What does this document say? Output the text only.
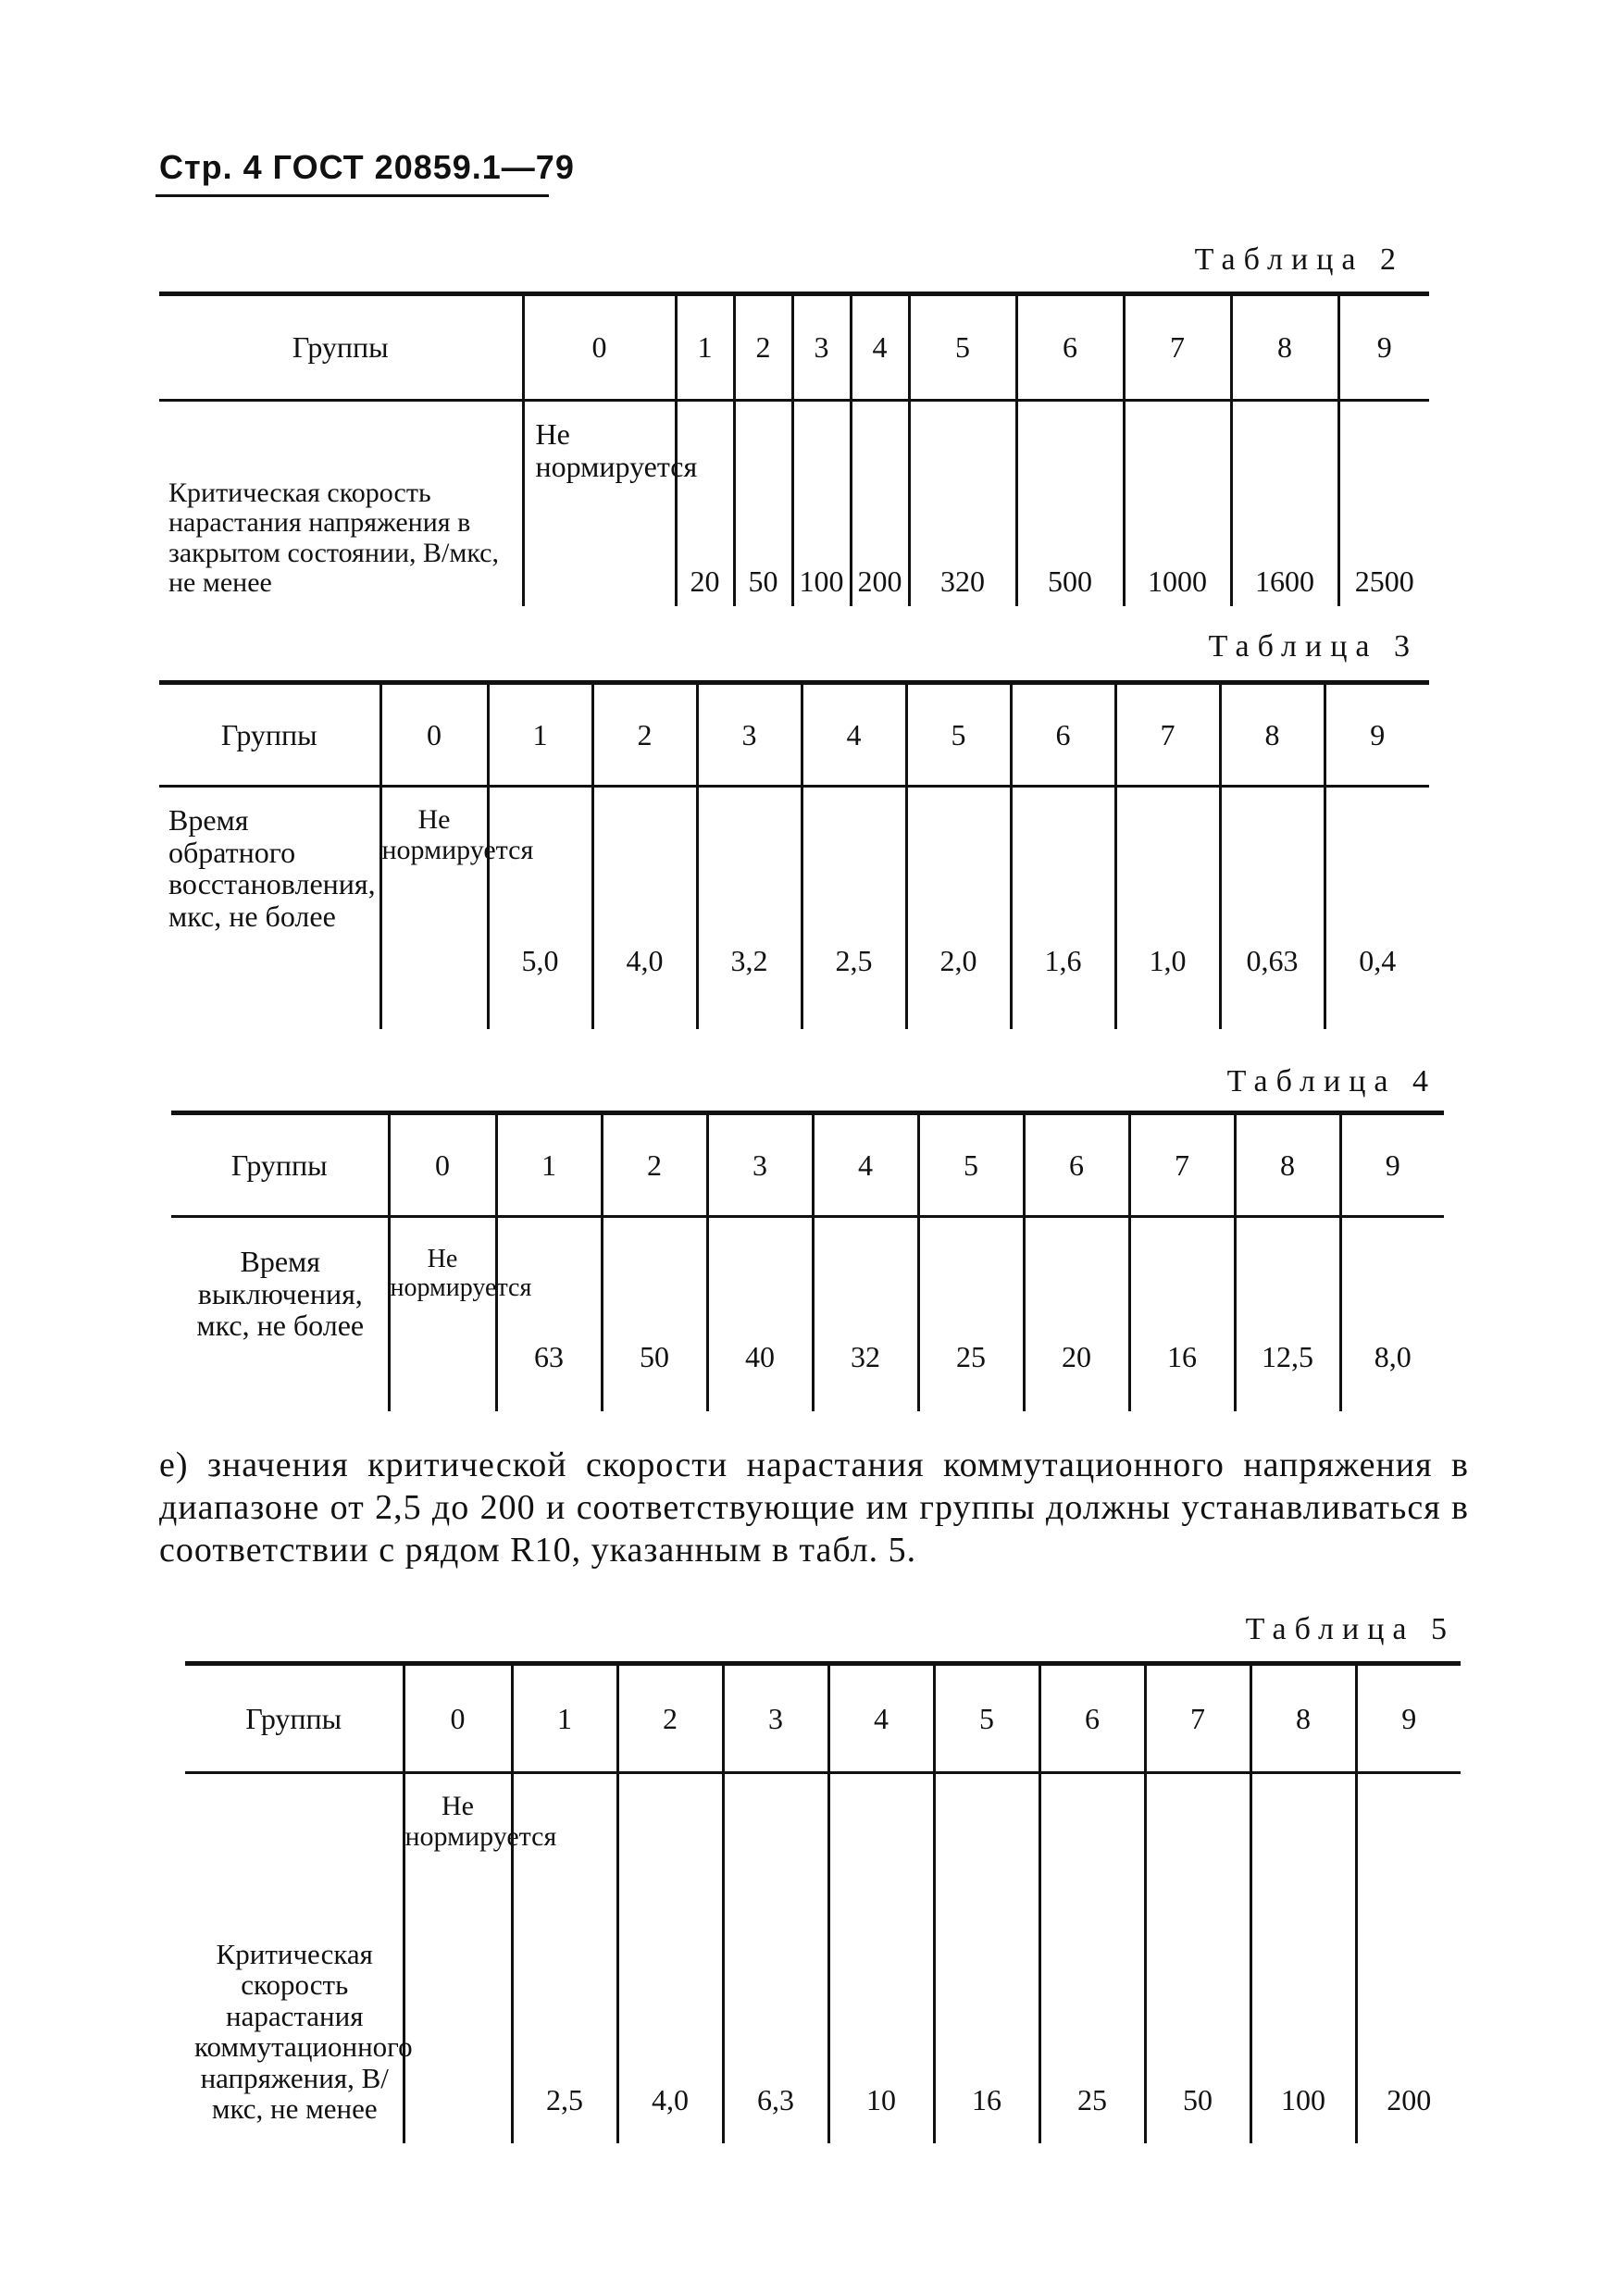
Стр. 4 ГОСТ 20859.1—79
Таблица 2
Группы	0	1	2	3	4	5	6	7	8	9
Критическая скорость нарастания напряжения в закрытом состоянии, В/мкс, не менее	Не нормируется	20	50	100	200	320	500	1000	1600	2500
Таблица 3
Группы	0	1	2	3	4	5	6	7	8	9
Время обратного восстановления, мкс, не более	Не нормируется	5,0	4,0	3,2	2,5	2,0	1,6	1,0	0,63	0,4
Таблица 4
Группы	0	1	2	3	4	5	6	7	8	9
Время выключения, мкс, не более	Не нормируется	63	50	40	32	25	20	16	12,5	8,0
е) значения критической скорости нарастания коммутационного напряжения в диапазоне от 2,5 до 200 и соответствующие им группы должны устанавливаться в соответствии с рядом R10, указанным в табл. 5.
Таблица 5
Группы	0	1	2	3	4	5	6	7	8	9
Критическая скорость нарастания коммутационного напряжения, В/мкс, не менее	Не нормируется	2,5	4,0	6,3	10	16	25	50	100	200
